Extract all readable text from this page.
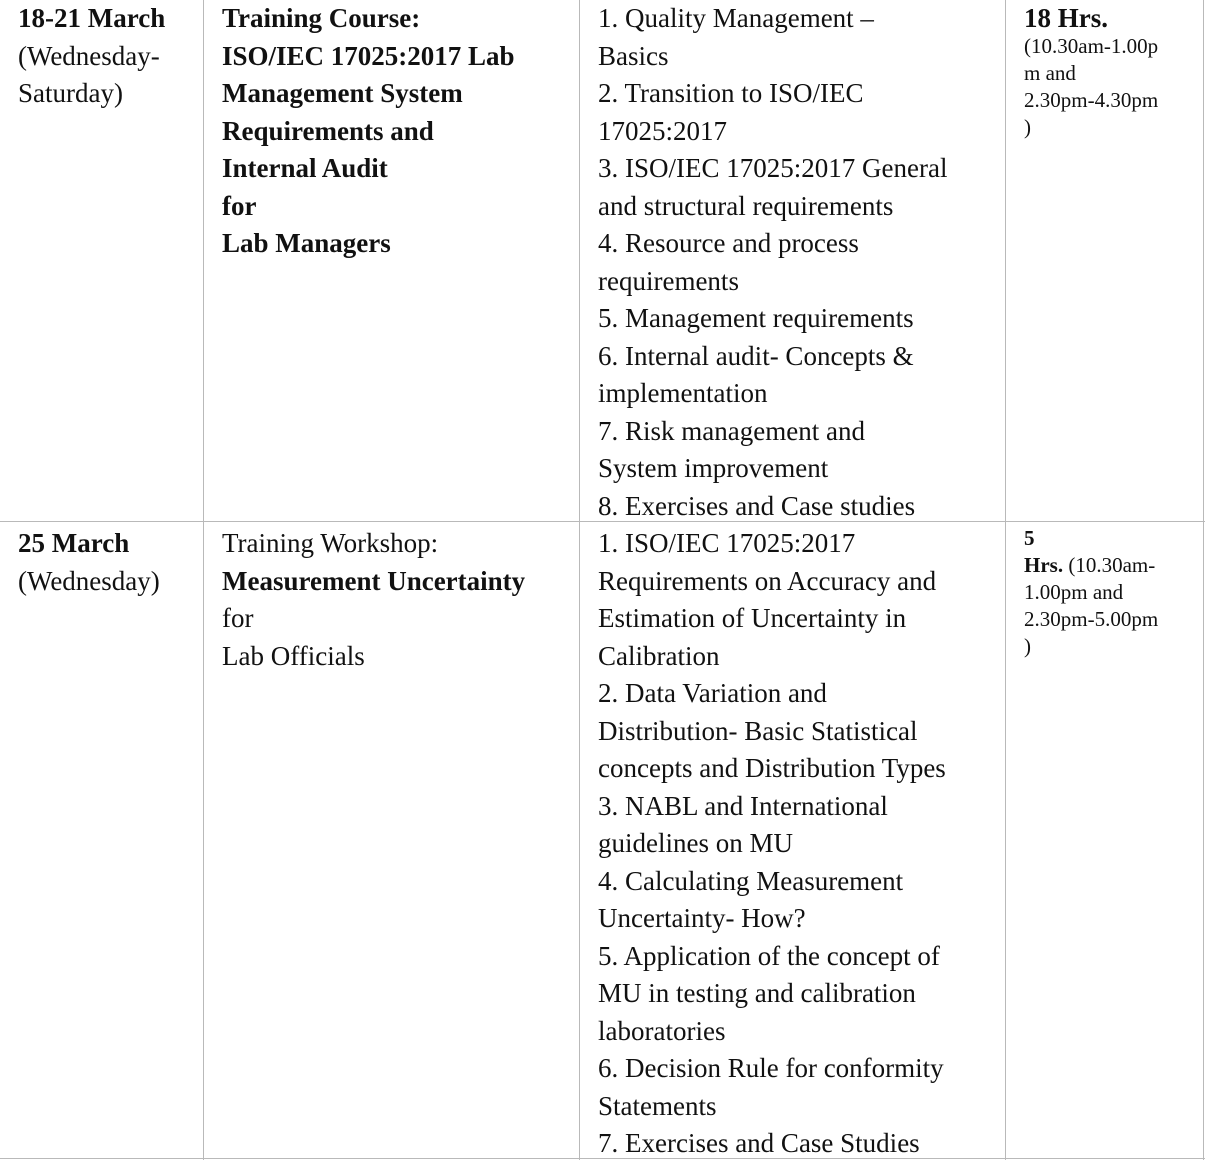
18-21 March
(Wednesday-
Saturday)
Training Course:
ISO/IEC 17025:2017 Lab
Management System
Requirements and
Internal Audit
for
Lab Managers
1. Quality Management –
Basics
2. Transition to ISO/IEC
17025:2017
3. ISO/IEC 17025:2017 General
and structural requirements
4. Resource and process
requirements
5. Management requirements
6. Internal audit- Concepts &
implementation
7. Risk management and
System improvement
8. Exercises and Case studies
18 Hrs.
(10.30am-1.00p
m and
2.30pm-4.30pm
)
25 March
(Wednesday)
Training Workshop:
Measurement Uncertainty
for
Lab Officials
1. ISO/IEC 17025:2017
Requirements on Accuracy and
Estimation of Uncertainty in
Calibration
2. Data Variation and
Distribution- Basic Statistical
concepts and Distribution Types
3. NABL and International
guidelines on MU
4. Calculating Measurement
Uncertainty- How?
5. Application of the concept of
MU in testing and calibration
laboratories
6. Decision Rule for conformity
Statements
7. Exercises and Case Studies
5
Hrs. (10.30am-
1.00pm and
2.30pm-5.00pm
)
